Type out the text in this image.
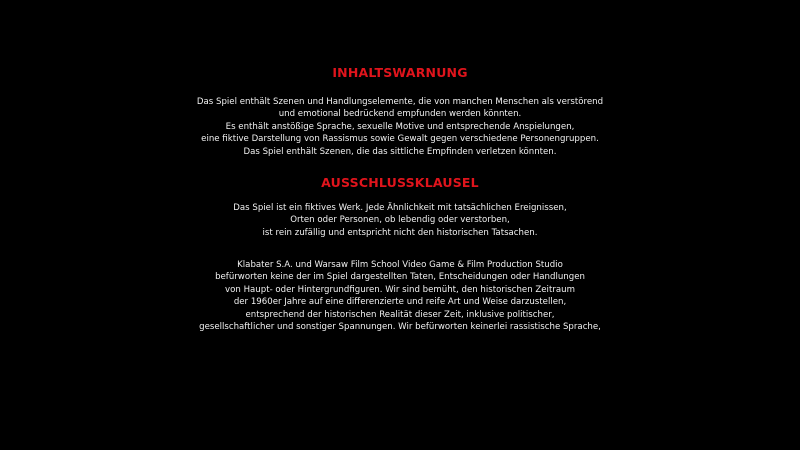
INHALTSWARNUNG
Das Spiel enthält Szenen und Handlungselemente, die von manchen Menschen als verstörend
und emotional bedrückend empfunden werden könnten.
Es enthält anstößige Sprache, sexuelle Motive und entsprechende Anspielungen,
eine fiktive Darstellung von Rassismus sowie Gewalt gegen verschiedene Personengruppen.
Das Spiel enthält Szenen, die das sittliche Empfinden verletzen könnten.
AUSSCHLUSSKLAUSEL
Das Spiel ist ein fiktives Werk. Jede Ähnlichkeit mit tatsächlichen Ereignissen,
Orten oder Personen, ob lebendig oder verstorben,
ist rein zufällig und entspricht nicht den historischen Tatsachen.
Klabater S.A. und Warsaw Film School Video Game & Film Production Studio
befürworten keine der im Spiel dargestellten Taten, Entscheidungen oder Handlungen
von Haupt- oder Hintergrundfiguren. Wir sind bemüht, den historischen Zeitraum
der 1960er Jahre auf eine differenzierte und reife Art und Weise darzustellen,
entsprechend der historischen Realität dieser Zeit, inklusive politischer,
gesellschaftlicher und sonstiger Spannungen. Wir befürworten keinerlei rassistische Sprache,
